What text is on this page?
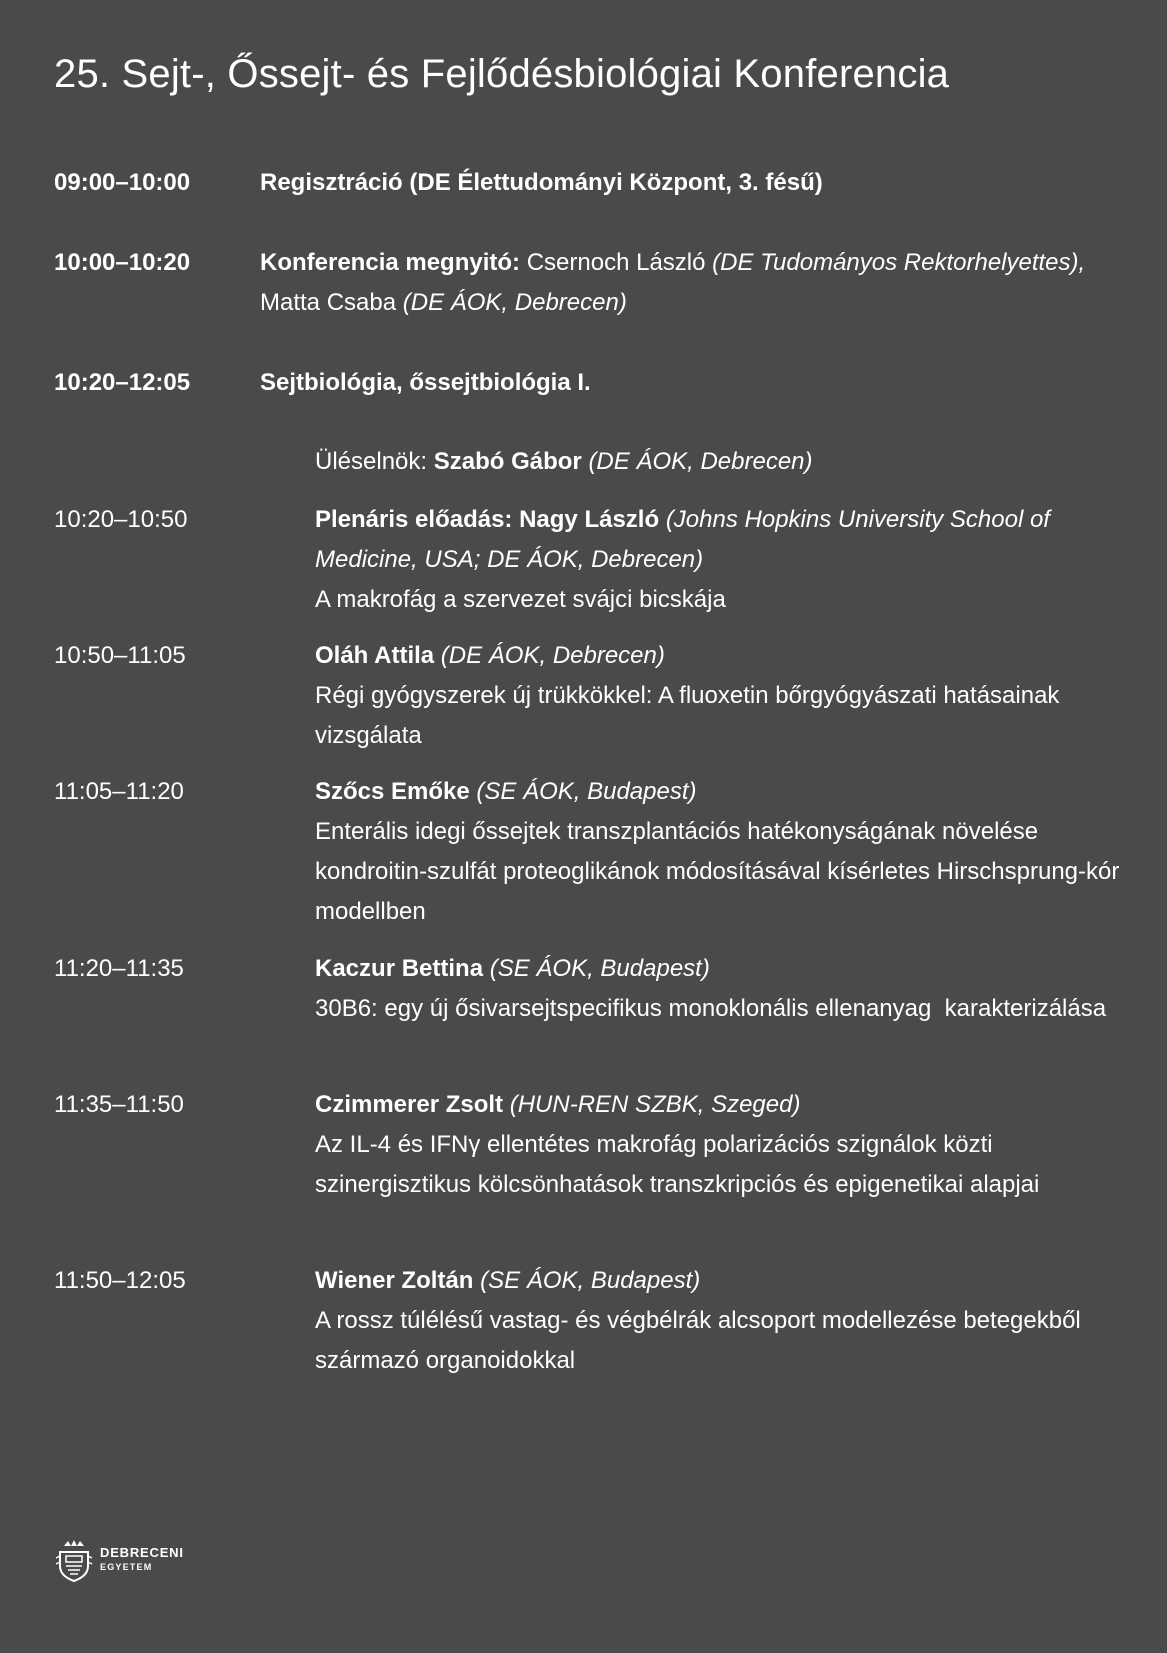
25. Sejt-, Őssejt- és Fejlődésbiológiai Konferencia
09:00–10:00	Regisztráció (DE Élettudományi Központ, 3. fésű)
10:00–10:20	Konferencia megnyitó: Csernoch László (DE Tudományos Rektorhelyettes), Matta Csaba (DE ÁOK, Debrecen)
10:20–12:05	Sejtbiológia, őssejtbiológia I.
Üléselnök: Szabó Gábor (DE ÁOK, Debrecen)
10:20–10:50	Plenáris előadás: Nagy László (Johns Hopkins University School of Medicine, USA; DE ÁOK, Debrecen)
A makrofág a szervezet svájci bicskája
10:50–11:05	Oláh Attila (DE ÁOK, Debrecen)
Régi gyógyszerek új trükkökkel: A fluoxetin bőrgyógyászati hatásainak vizsgálata
11:05–11:20	Szőcs Emőke (SE ÁOK, Budapest)
Enterális idegi őssejtek transzplantációs hatékonyságának növelése kondroitin-szulfát proteoglikánok módosításával kísérletes Hirschsprung-kór modellben
11:20–11:35	Kaczur Bettina (SE ÁOK, Budapest)
30B6: egy új ősivarsejtspecifikus monoklonális ellenanyag  karakterizálása
11:35–11:50	Czimmerer Zsolt (HUN-REN SZBK, Szeged)
Az IL-4 és IFNγ ellentétes makrofág polarizációs szignálok közti szinergisztikus kölcsönhatások transzkripciós és epigenetikai alapjai
11:50–12:05	Wiener Zoltán (SE ÁOK, Budapest)
A rossz túlélésű vastag- és végbélrák alcsoport modellezése betegekből származó organoidokkal
DEBRECENI
EGYETEM
